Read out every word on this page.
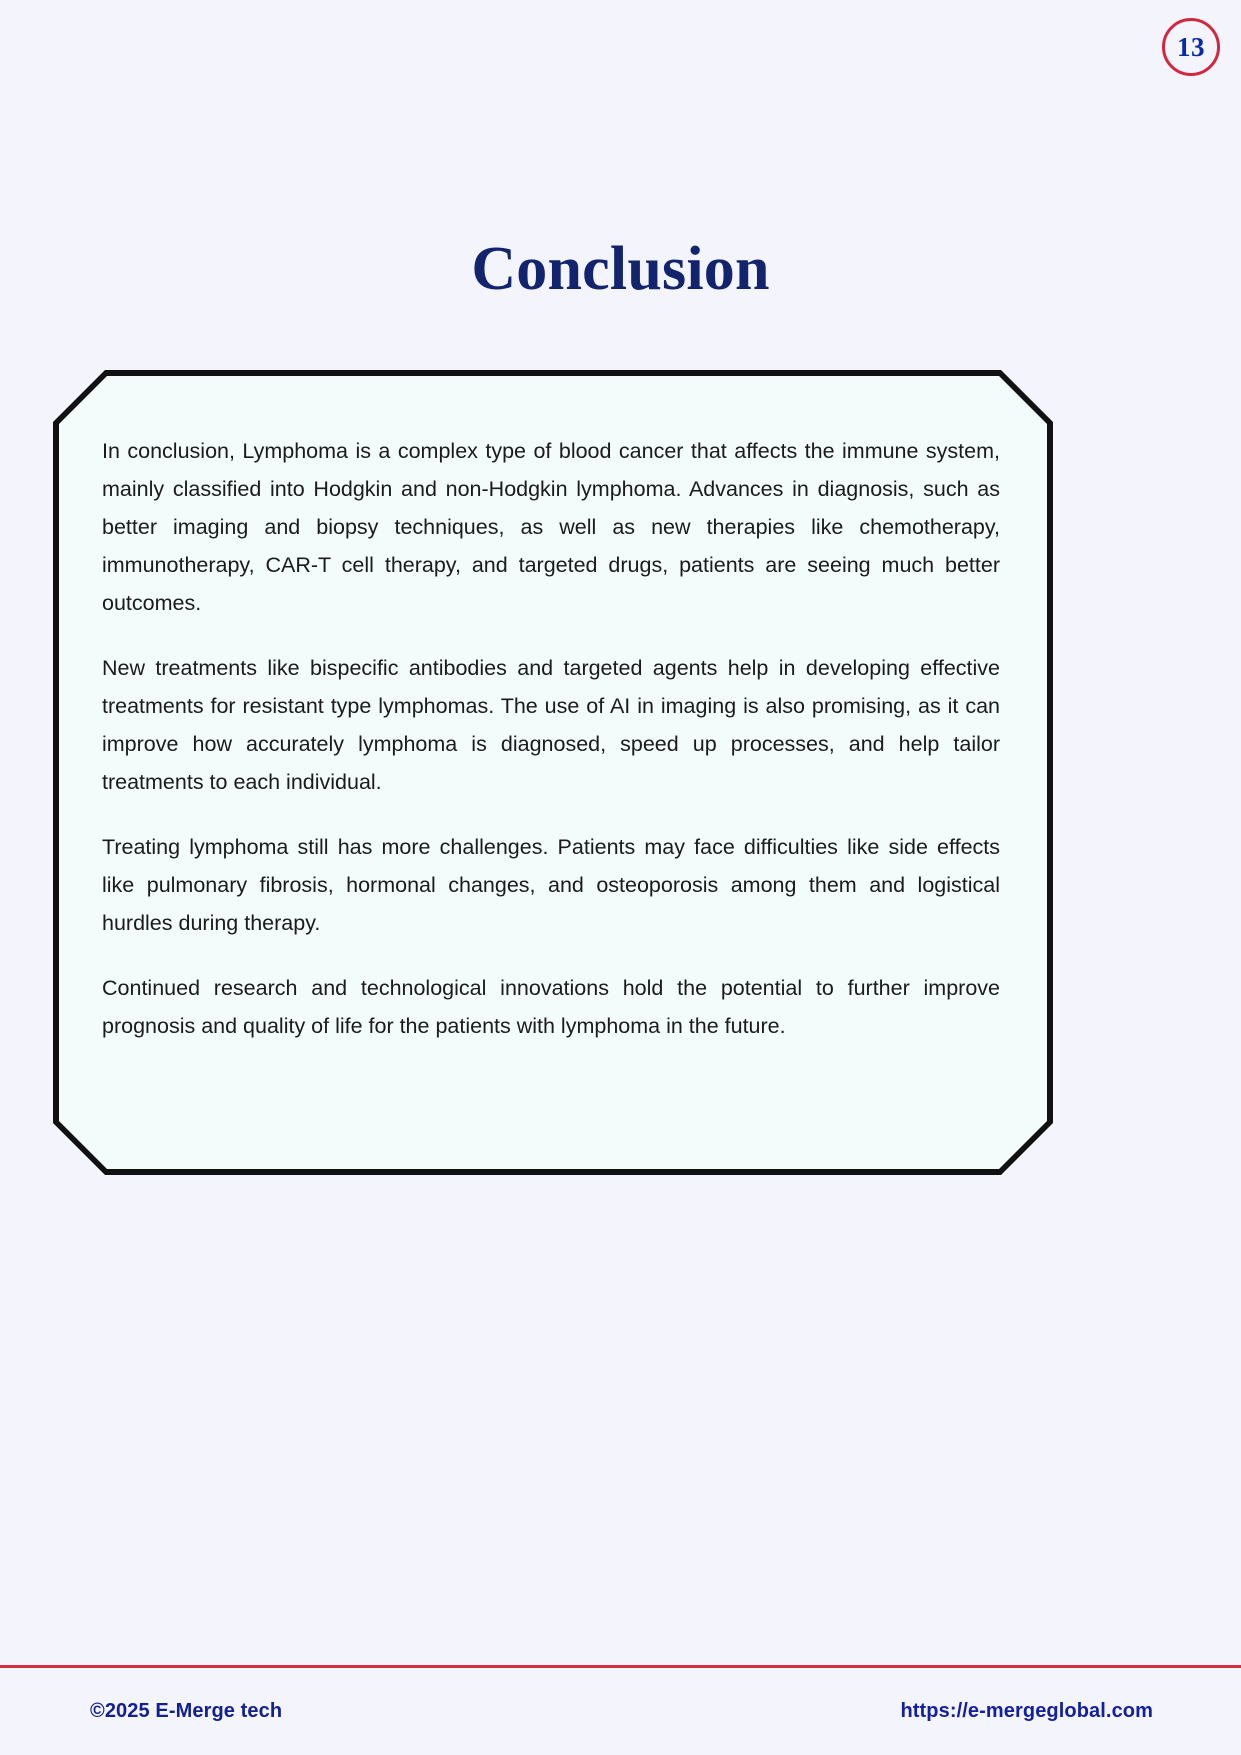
13
Conclusion

In conclusion, Lymphoma is a complex type of blood cancer that affects the immune system, mainly classified into Hodgkin and non-Hodgkin lymphoma. Advances in diagnosis, such as better imaging and biopsy techniques, as well as new therapies like chemotherapy, immunotherapy, CAR-T cell therapy, and targeted drugs, patients are seeing much better outcomes.

New treatments like bispecific antibodies and targeted agents help in developing effective treatments for resistant type lymphomas. The use of AI in imaging is also promising, as it can improve how accurately lymphoma is diagnosed, speed up processes, and help tailor treatments to each individual.

Treating lymphoma still has more challenges. Patients may face difficulties like side effects like pulmonary fibrosis, hormonal changes, and osteoporosis among them and logistical hurdles during therapy.

Continued research and technological innovations hold the potential to further improve prognosis and quality of life for the patients with lymphoma in the future.

©2025 E-Merge tech	https://e-mergeglobal.com
